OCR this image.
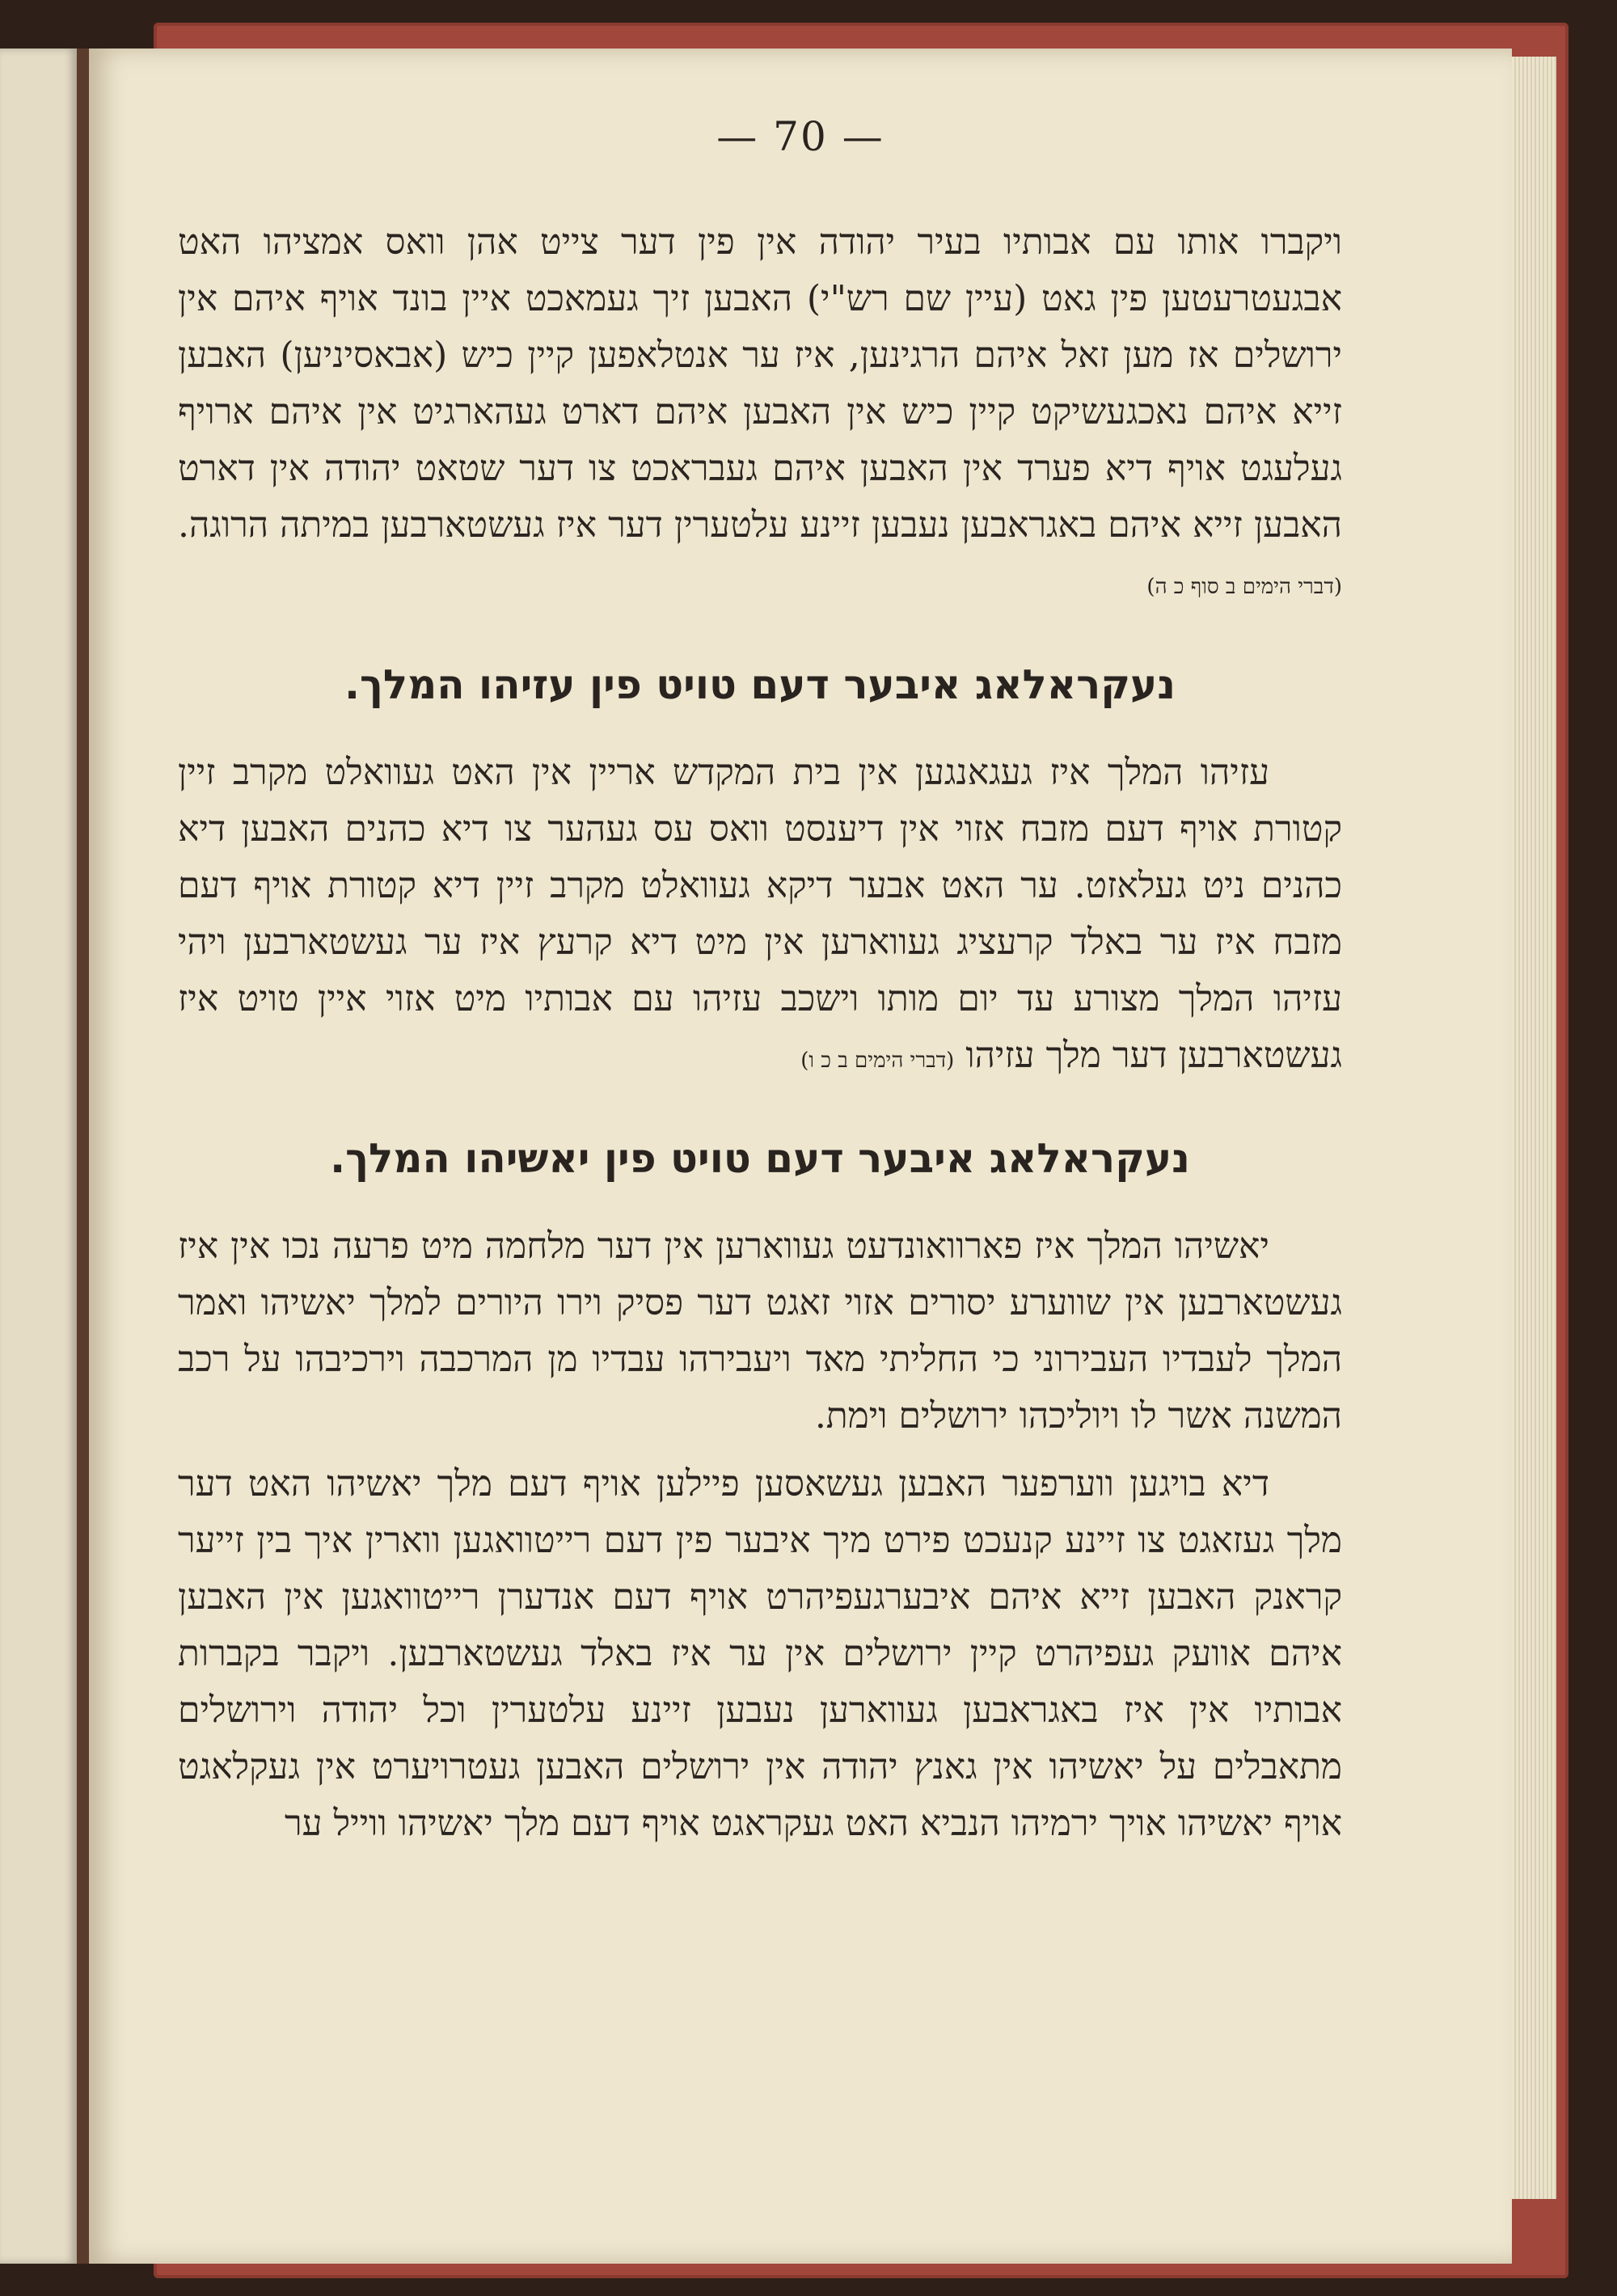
— 70 —

ויקברו אותו עם אבותיו בעיר יהודה אין פין דער צייט אהן וואס אמציהו האט אבגעטרעטען פין גאט (עיין שם רש"י) האבען זיך געמאכט איין בונד אויף איהם אין ירושלים אז מען זאל איהם הרגינען, איז ער אנטלאפען קיין כיש (אבאסיניען) האבען זייא איהם נאכגעשיקט קיין כיש אין האבען איהם דארט געהארגיט אין איהם ארויף געלעגט אויף דיא פערד אין האבען איהם געבראכט צו דער שטאט יהודה אין דארט האבען זייא איהם באגראבען נעבען זיינע עלטערין דער איז געשטארבען במיתה הרוגה. (דברי הימים ב סוף כ ה)

נעקראלאג איבער דעם טויט פין עזיהו המלך.

עזיהו המלך איז געגאנגען אין בית המקדש אריין אין האט געוואלט מקרב זיין קטורת אויף דעם מזבח אזוי אין דיענסט וואס עס געהער צו דיא כהנים האבען דיא כהנים ניט געלאזט. ער האט אבער דיקא געוואלט מקרב זיין דיא קטורת אויף דעם מזבח איז ער באלד קרעציג געווארען אין מיט דיא קרעץ איז ער געשטארבען ויהי עזיהו המלך מצורע עד יום מותו וישכב עזיהו עם אבותיו מיט אזוי איין טויט איז געשטארבען דער מלך עזיהו (דברי הימים ב כ ו)

נעקראלאג איבער דעם טויט פין יאשיהו המלך.

יאשיהו המלך איז פארוואונדעט געווארען אין דער מלחמה מיט פרעה נכו אין איז געשטארבען אין שווערע יסורים אזוי זאגט דער פסיק וירו היורים למלך יאשיהו ואמר המלך לעבדיו העבירוני כי החליתי מאד ויעבירהו עבדיו מן המרכבה וירכיבהו על רכב המשנה אשר לו ויוליכהו ירושלים וימת.

דיא בויגען ווערפער האבען געשאסען פיילען אויף דעם מלך יאשיהו האט דער מלך געזאגט צו זיינע קנעכט פירט מיך איבער פין דעם רייטוואגען ווארין איך בין זייער קראנק האבען זייא איהם איבערגעפיהרט אויף דעם אנדערן רייטוואגען אין האבען איהם אוועק געפיהרט קיין ירושלים אין ער איז באלד געשטארבען. ויקבר בקברות אבותיו אין איז באגראבען געווארען נעבען זיינע עלטערין וכל יהודה וירושלים מתאבלים על יאשיהו אין גאנץ יהודה אין ירושלים האבען געטרויערט אין געקלאגט אויף יאשיהו אויך ירמיהו הנביא האט געקראגט אויף דעם מלך יאשיהו ווייל ער
